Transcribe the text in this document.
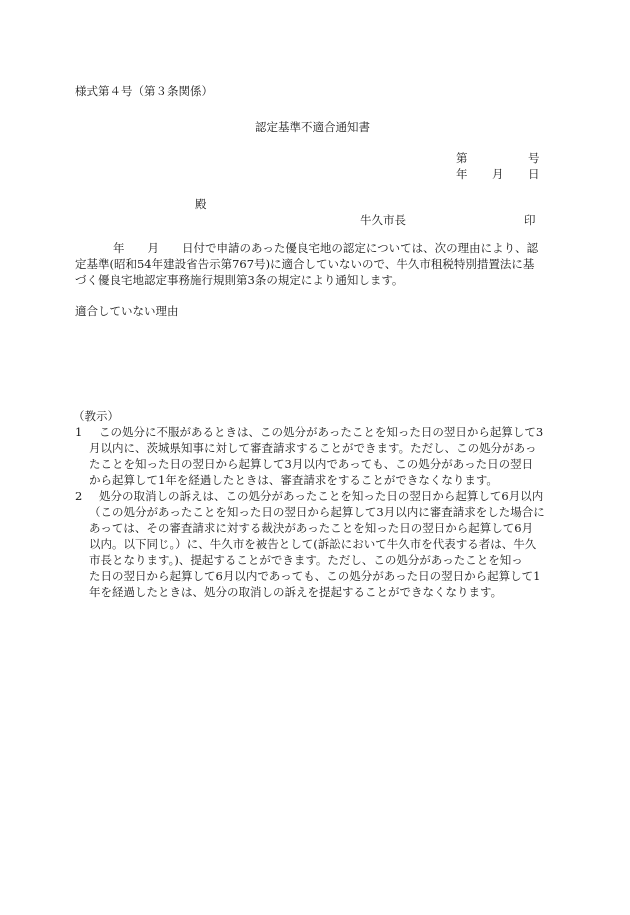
様式第４号（第３条関係）
認定基準不適合通知書
第	号
年 月 日
殿
牛久市長	印
年　　月　　日付で申請のあった優良宅地の認定については、次の理由により、認
定基準(昭和54年建設省告示第767号)に適合していないので、牛久市租税特別措置法に基
づく優良宅地認定事務施行規則第3条の規定により通知します。
適合していない理由
（教示）
1	この処分に不服があるときは、この処分があったことを知った日の翌日から起算して3
月以内に、茨城県知事に対して審査請求することができます。ただし、この処分があっ
たことを知った日の翌日から起算して3月以内であっても、この処分があった日の翌日
から起算して1年を経過したときは、審査請求をすることができなくなります。
2	処分の取消しの訴えは、この処分があったことを知った日の翌日から起算して6月以内
（この処分があったことを知った日の翌日から起算して3月以内に審査請求をした場合に
あっては、その審査請求に対する裁決があったことを知った日の翌日から起算して6月
以内。以下同じ。）に、牛久市を被告として(訴訟において牛久市を代表する者は、牛久
市長となります。)、提起することができます。ただし、この処分があったことを知っ
た日の翌日から起算して6月以内であっても、この処分があった日の翌日から起算して1
年を経過したときは、処分の取消しの訴えを提起することができなくなります。
